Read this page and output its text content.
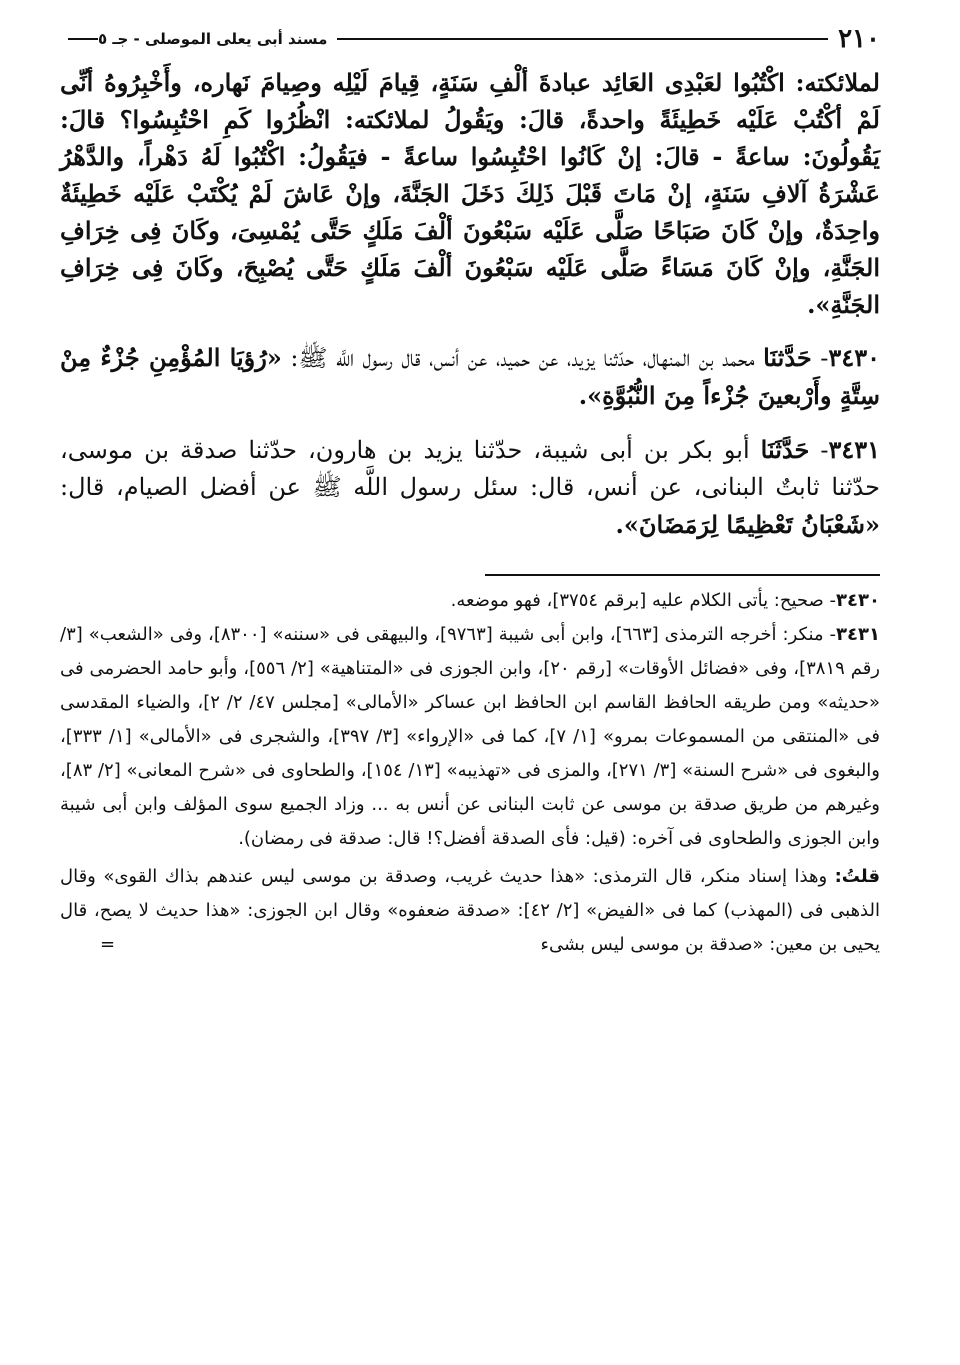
٢١٠
مسند أبى يعلى الموصلى - جـ ٥

لملائكته: اكْتُبُوا لعَبْدِى العَائِد عبادةَ ألْفِ سَنَةٍ، قِيامَ لَيْلِه وصِيامَ نَهاره، وأَخْبِرُوهُ أنِّى لَمْ أكْتُبْ عَلَيْه خَطِيئَةً واحدةً، قالَ: ويَقُولُ لملائكته: انْظُرُوا كَمِ احْتُبِسُوا؟ قالَ: يَقُولُونَ: ساعةً - قالَ: إنْ كَانُوا احْتُبِسُوا ساعةً - فيَقُولُ: اكْتُبُوا لَهُ دَهْراً، والدَّهْرُ عَشْرَةُ آلافِ سَنَةٍ، إنْ مَاتَ قَبْلَ ذَلِكَ دَخَلَ الجَنَّةَ، وإنْ عَاشَ لَمْ يُكْتَبْ عَلَيْه خَطِيئَةٌ واحِدَةٌ، وإنْ كَانَ صَبَاحًا صَلَّى عَلَيْه سَبْعُونَ ألْفَ مَلَكٍ حَتَّى يُمْسِىَ، وكَانَ فِى خِرَافِ الجَنَّةِ، وإنْ كَانَ مَسَاءً صَلَّى عَلَيْه سَبْعُونَ ألْفَ مَلَكٍ حَتَّى يُصْبِحَ، وكَانَ فِى خِرَافِ الجَنَّةِ».

٣٤٣٠- حَدَّثنَا محمد بن المنهال، حدّثنا يزيد، عن حميد، عن أنس، قال رسول اللَّه ﷺ: «رُؤيَا المُؤْمِنِ جُزْءٌ مِنْ سِتَّةٍ وأَرْبعينَ جُزْءاً مِنَ النُّبُوَّةِ».

٣٤٣١- حَدَّثَنَا أبو بكر بن أبى شيبة، حدّثنا يزيد بن هارون، حدّثنا صدقة بن موسى، حدّثنا ثابتٌ البنانى، عن أنس، قال: سئل رسول اللَّه ﷺ عن أفضل الصيام، قال: «شَعْبَانُ تَعْظِيمًا لِرَمَضَانَ».

٣٤٣٠- صحيح: يأتى الكلام عليه [برقم ٣٧٥٤]، فهو موضعه.

٣٤٣١- منكر: أخرجه الترمذى [٦٦٣]، وابن أبى شيبة [٩٧٦٣]، والبيهقى فى «سننه» [٨٣٠٠]، وفى «الشعب» [٣/ رقم ٣٨١٩]، وفى «فضائل الأوقات» [رقم ٢٠]، وابن الجوزى فى «المتناهية» [٢/ ٥٥٦]، وأبو حامد الحضرمى فى «حديثه» ومن طريقه الحافظ القاسم ابن الحافظ ابن عساكر «الأمالى» [مجلس ٤٧/ ٢/ ٢]، والضياء المقدسى فى «المنتقى من المسموعات بمرو» [١/ ٧]، كما فى «الإرواء» [٣/ ٣٩٧]، والشجرى فى «الأمالى» [١/ ٣٣٣]، والبغوى فى «شرح السنة» [٣/ ٢٧١]، والمزى فى «تهذيبه» [١٣/ ١٥٤]، والطحاوى فى «شرح المعانى» [٢/ ٨٣]، وغيرهم من طريق صدقة بن موسى عن ثابت البنانى عن أنس به ... وزاد الجميع سوى المؤلف وابن أبى شيبة وابن الجوزى والطحاوى فى آخره: (قيل: فأى الصدقة أفضل؟! قال: صدقة فى رمضان).

قلتُ: وهذا إسناد منكر، قال الترمذى: «هذا حديث غريب، وصدقة بن موسى ليس عندهم بذاك القوى» وقال الذهبى فى (المهذب) كما فى «الفيض» [٢/ ٤٢]: «صدقة ضعفوه» وقال ابن الجوزى: «هذا حديث لا يصح، قال يحيى بن معين: «صدقة بن موسى ليس بشىء
=
